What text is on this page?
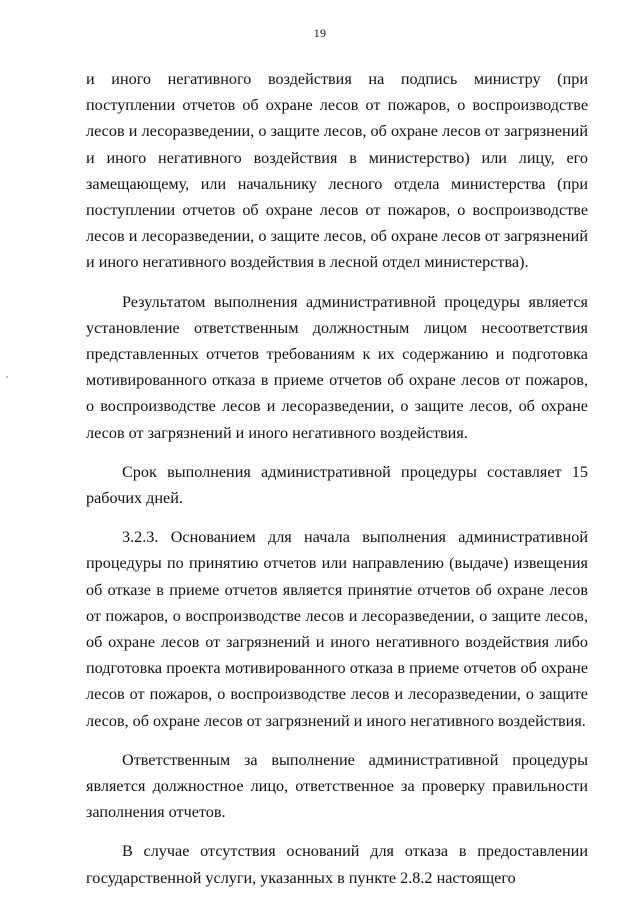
19

и иного негативного воздействия на подпись министру (при поступлении отчетов об охране лесов от пожаров, о воспроизводстве лесов и лесоразведении, о защите лесов, об охране лесов от загрязнений и иного негативного воздействия в министерство) или лицу, его замещающему, или начальнику лесного отдела министерства (при поступлении отчетов об охране лесов от пожаров, о воспроизводстве лесов и лесоразведении, о защите лесов, об охране лесов от загрязнений и иного негативного воздействия в лесной отдел министерства).

Результатом выполнения административной процедуры является установление ответственным должностным лицом несоответствия представленных отчетов требованиям к их содержанию и подготовка мотивированного отказа в приеме отчетов об охране лесов от пожаров, о воспроизводстве лесов и лесоразведении, о защите лесов, об охране лесов от загрязнений и иного негативного воздействия.

Срок выполнения административной процедуры составляет 15 рабочих дней.

3.2.3. Основанием для начала выполнения административной процедуры по принятию отчетов или направлению (выдаче) извещения об отказе в приеме отчетов является принятие отчетов об охране лесов от пожаров, о воспроизводстве лесов и лесоразведении, о защите лесов, об охране лесов от загрязнений и иного негативного воздействия либо подготовка проекта мотивированного отказа в приеме отчетов об охране лесов от пожаров, о воспроизводстве лесов и лесоразведении, о защите лесов, об охране лесов от загрязнений и иного негативного воздействия.

Ответственным за выполнение административной процедуры является должностное лицо, ответственное за проверку правильности заполнения отчетов.

В случае отсутствия оснований для отказа в предоставлении государственной услуги, указанных в пункте 2.8.2 настоящего
